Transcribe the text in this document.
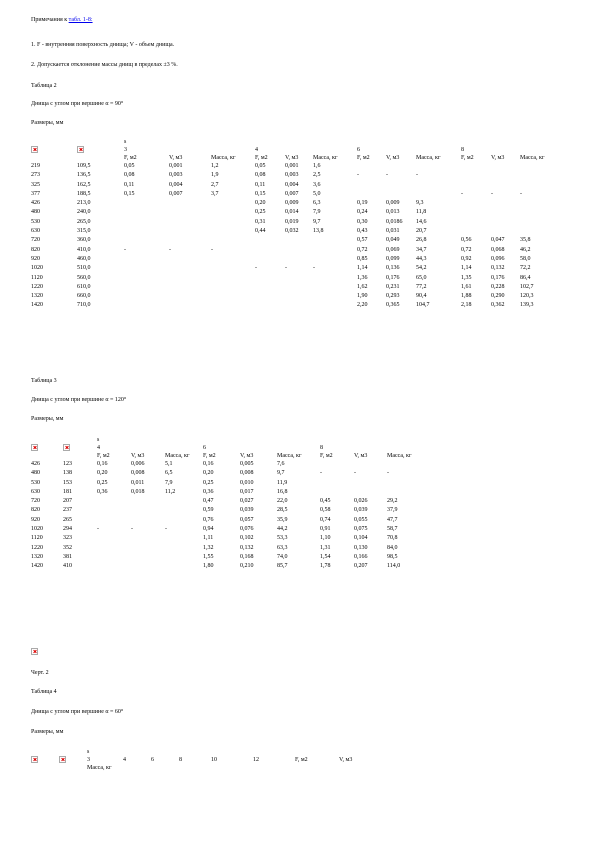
Примечания к табл. 1-8:
1. F - внутренняя поверхность днища; V - объем днища.
2. Допускается отклонение массы днищ в пределах ±3 %.
Таблица 2
Днища с углом при вершине α = 90°
Размеры, мм
		s											
		3			4			6			8		
		F, м2	V, м3	Масса, кг	F, м2	V, м3	Масса, кг	F, м2	V, м3	Масса, кг	F, м2	V, м3	Масса, кг
219	109,5	0,05	0,001	1,2	0,05	0,001	1,6						
273	136,5	0,08	0,003	1,9	0,08	0,003	2,5	-	-	-			
325	162,5	0,11	0,004	2,7	0,11	0,004	3,6						
377	188,5	0,15	0,007	3,7	0,15	0,007	5,0				-	-	-
426	213,0				0,20	0,009	6,3	0,19	0,009	9,3			
480	240,0				0,25	0,014	7,9	0,24	0,013	11,8			
530	265,0				0,31	0,019	9,7	0,30	0,0186	14,6			
630	315,0				0,44	0,032	13,8	0,43	0,031	20,7			
720	360,0							0,57	0,049	26,8	0,56	0,047	35,8
820	410,0	-	-	-				0,72	0,069	34,7	0,72	0,068	46,2
920	460,0							0,85	0,099	44,3	0,92	0,096	58,0
1020	510,0				-	-	-	1,14	0,136	54,2	1,14	0,132	72,2
1120	560,0							1,36	0,176	65,0	1,35	0,176	86,4
1220	610,0							1,62	0,231	77,2	1,61	0,228	102,7
1320	660,0							1,90	0,293	90,4	1,88	0,290	120,3
1420	710,0							2,20	0,365	104,7	2,18	0,362	139,3
Таблица 3
Днища с углом при вершине α = 120°
Размеры, мм
		s								
		4			6			8		
		F, м2	V, м3	Масса, кг	F, м2	V, м3	Масса, кг	F, м2	V, м3	Масса, кг
426	123	0,16	0,006	5,1	0,16	0,005	7,6			
480	138	0,20	0,008	6,5	0,20	0,008	9,7	-	-	-
530	153	0,25	0,011	7,9	0,25	0,010	11,9			
630	181	0,36	0,018	11,2	0,36	0,017	16,8			
720	207				0,47	0,027	22,0	0,45	0,026	29,2
820	237				0,59	0,039	28,5	0,58	0,039	37,9
920	265				0,76	0,057	35,9	0,74	0,055	47,7
1020	294	-	-	-	0,94	0,076	44,2	0,91	0,075	58,7
1120	323				1,11	0,102	53,3	1,10	0,104	70,8
1220	352				1,32	0,132	63,3	1,31	0,130	84,0
1320	381				1,55	0,168	74,0	1,54	0,166	98,5
1420	410				1,80	0,210	85,7	1,78	0,207	114,0
Черт. 2
Таблица 4
Днища с углом при вершине α = 60°
Размеры, мм
		s							
		3	4	6	8	10	12	F, м2	V, м3
		Масса, кг							
